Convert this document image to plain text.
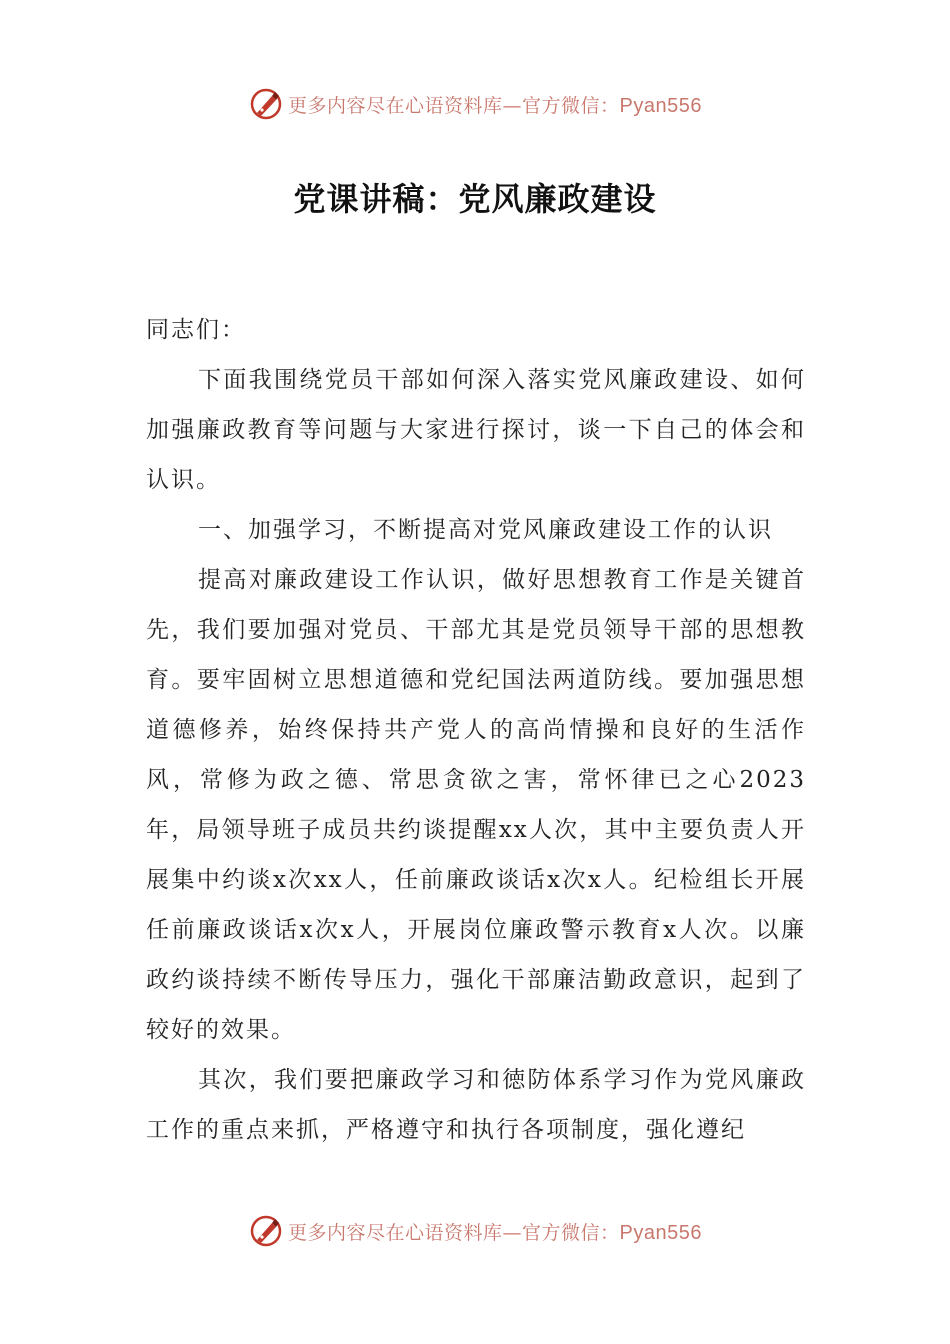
更多内容尽在心语资料库—官方微信：Pyan556
党课讲稿：党风廉政建设

同志们：

下面我围绕党员干部如何深入落实党风廉政建设、如何加强廉政教育等问题与大家进行探讨，谈一下自己的体会和认识。

一、加强学习，不断提高对党风廉政建设工作的认识

提高对廉政建设工作认识，做好思想教育工作是关键首先，我们要加强对党员、干部尤其是党员领导干部的思想教育。要牢固树立思想道德和党纪国法两道防线。要加强思想道德修养，始终保持共产党人的高尚情操和良好的生活作风，常修为政之德、常思贪欲之害，常怀律已之心2023年，局领导班子成员共约谈提醒xx人次，其中主要负责人开展集中约谈x次xx人，任前廉政谈话x次x人。纪检组长开展任前廉政谈话x次x人，开展岗位廉政警示教育x人次。以廉政约谈持续不断传导压力，强化干部廉洁勤政意识，起到了较好的效果。

其次，我们要把廉政学习和徳防体系学习作为党风廉政工作的重点来抓，严格遵守和执行各项制度，强化遵纪

更多内容尽在心语资料库—官方微信：Pyan556
